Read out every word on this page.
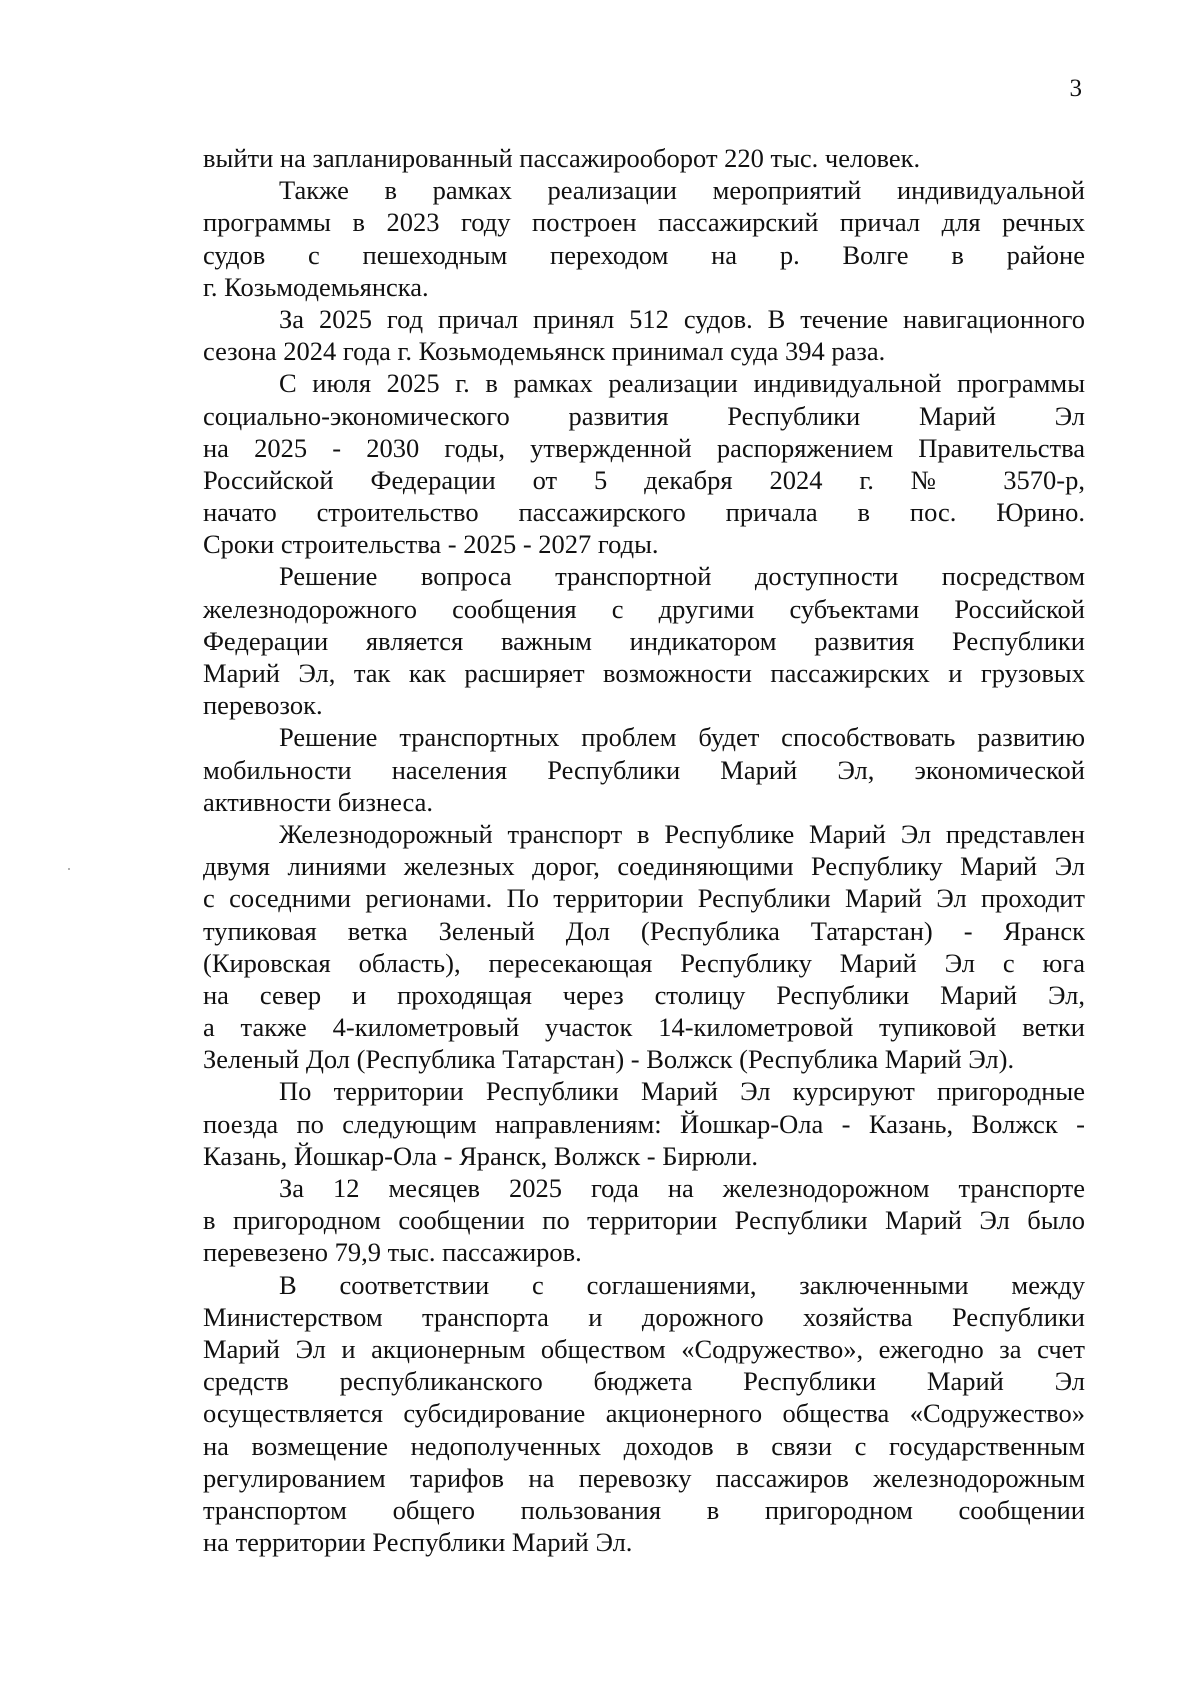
3
выйти на запланированный пассажирооборот 220 тыс. человек.
Также в рамках реализации мероприятий индивидуальной
программы в 2023 году построен пассажирский причал для речных
судов с пешеходным переходом на р. Волге в районе
г. Козьмодемьянска.
За 2025 год причал принял 512 судов. В течение навигационного
сезона 2024 года г. Козьмодемьянск принимал суда 394 раза.
С июля 2025 г. в рамках реализации индивидуальной программы
социально-экономического развития Республики Марий Эл
на 2025 - 2030 годы, утвержденной распоряжением Правительства
Российской Федерации от 5 декабря 2024 г. № 3570-р,
начато строительство пассажирского причала в пос. Юрино.
Сроки строительства - 2025 - 2027 годы.
Решение вопроса транспортной доступности посредством
железнодорожного сообщения с другими субъектами Российской
Федерации является важным индикатором развития Республики
Марий Эл, так как расширяет возможности пассажирских и грузовых
перевозок.
Решение транспортных проблем будет способствовать развитию
мобильности населения Республики Марий Эл, экономической
активности бизнеса.
Железнодорожный транспорт в Республике Марий Эл представлен
двумя линиями железных дорог, соединяющими Республику Марий Эл
с соседними регионами. По территории Республики Марий Эл проходит
тупиковая ветка Зеленый Дол (Республика Татарстан) - Яранск
(Кировская область), пересекающая Республику Марий Эл с юга
на север и проходящая через столицу Республики Марий Эл,
а также 4-километровый участок 14-километровой тупиковой ветки
Зеленый Дол (Республика Татарстан) - Волжск (Республика Марий Эл).
По территории Республики Марий Эл курсируют пригородные
поезда по следующим направлениям: Йошкар-Ола - Казань, Волжск -
Казань, Йошкар-Ола - Яранск, Волжск - Бирюли.
За 12 месяцев 2025 года на железнодорожном транспорте
в пригородном сообщении по территории Республики Марий Эл было
перевезено 79,9 тыс. пассажиров.
В соответствии с соглашениями, заключенными между
Министерством транспорта и дорожного хозяйства Республики
Марий Эл и акционерным обществом «Содружество», ежегодно за счет
средств республиканского бюджета Республики Марий Эл
осуществляется субсидирование акционерного общества «Содружество»
на возмещение недополученных доходов в связи с государственным
регулированием тарифов на перевозку пассажиров железнодорожным
транспортом общего пользования в пригородном сообщении
на территории Республики Марий Эл.
